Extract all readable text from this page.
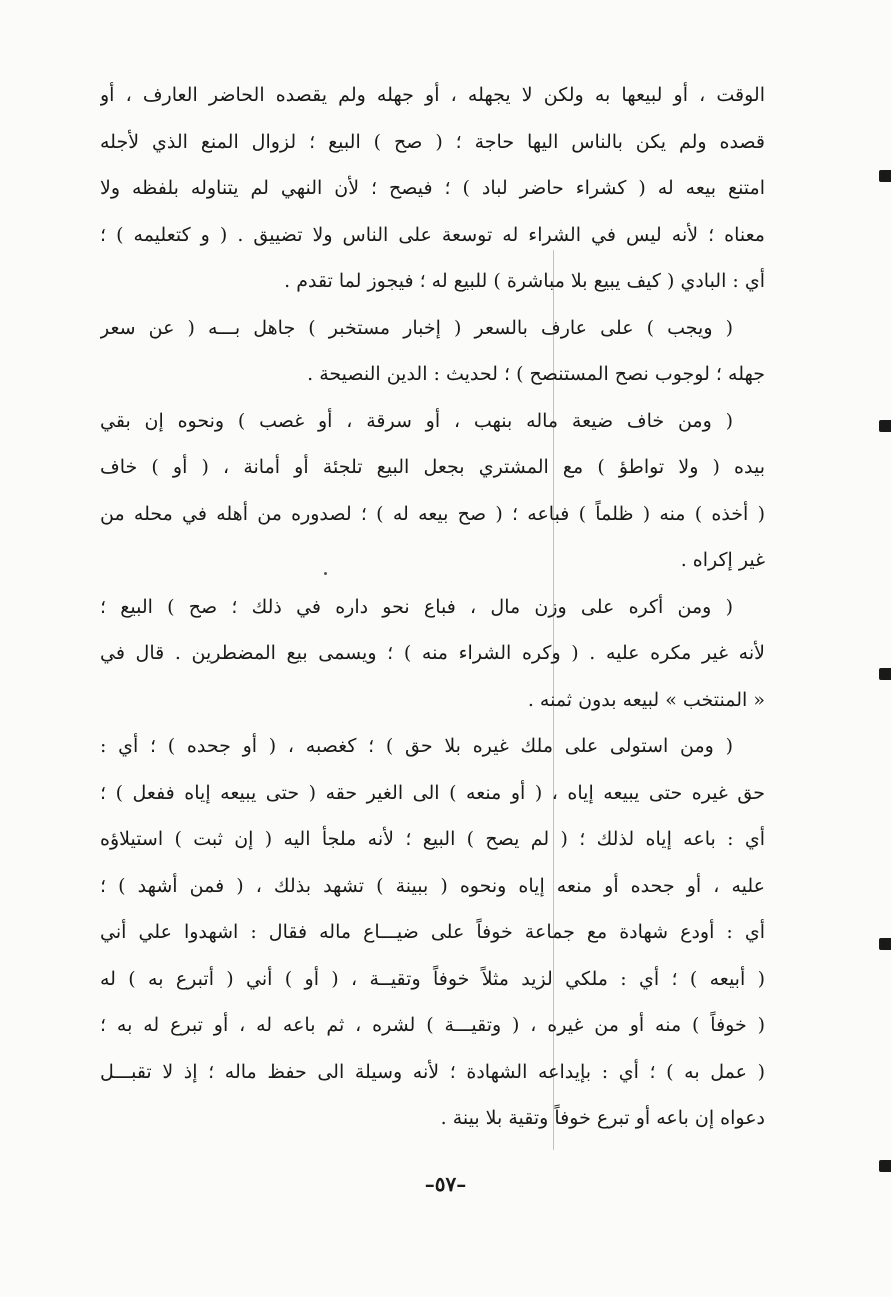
الوقت ، أو لبيعها به ولكن لا يجهله ، أو جهله ولم يقصده الحاضر العارف ، أو
قصده ولم يكن بالناس اليها حاجة ؛ ( صح ) البيع ؛ لزوال المنع الذي لأجله
امتنع بيعه له ( كشراء حاضر لباد ) ؛ فيصح ؛ لأن النهي لم يتناوله بلفظه ولا
معناه ؛ لأنه ليس في الشراء له توسعة على الناس ولا تضييق . ( و كتعليمه ) ؛
أي : البادي ( كيف يبيع بلا مباشرة ) للبيع له ؛ فيجوز لما تقدم .
( ويجب ) على عارف بالسعر ( إخبار مستخبر ) جاهل بـــه ( عن سعر
جهله ؛ لوجوب نصح المستنصح ) ؛ لحديث : الدين النصيحة .
( ومن خاف ضيعة ماله بنهب ، أو سرقة ، أو غصب ) ونحوه إن بقي
بيده ( ولا تواطؤ ) مع المشتري بجعل البيع تلجئة أو أمانة ، ( أو ) خاف
( أخذه ) منه ( ظلماً ) فباعه ؛ ( صح بيعه له ) ؛ لصدوره من أهله في محله من
غير إكراه .
( ومن أكره على وزن مال ، فباع نحو داره في ذلك ؛ صح ) البيع ؛
لأنه غير مكره عليه . ( وكره الشراء منه ) ؛ ويسمى بيع المضطرين . قال في
« المنتخب » لبيعه بدون ثمنه .
( ومن استولى على ملك غيره بلا حق ) ؛ كغصبه ، ( أو جحده ) ؛ أي :
حق غيره حتى يبيعه إياه ، ( أو منعه ) الى الغير حقه ( حتى يبيعه إياه ففعل ) ؛
أي : باعه إياه لذلك ؛ ( لم يصح ) البيع ؛ لأنه ملجأ اليه ( إن ثبت ) استيلاؤه
عليه ، أو جحده أو منعه إياه ونحوه ( ببينة ) تشهد بذلك ، ( فمن أشهد ) ؛
أي : أودع شهادة مع جماعة خوفاً على ضيـــاع ماله فقال : اشهدوا علي أني
( أبيعه ) ؛ أي : ملكي لزيد مثلاً خوفاً وتقيــة ، ( أو ) أني ( أتبرع به ) له
( خوفاً ) منه أو من غيره ، ( وتقيـــة ) لشره ، ثم باعه له ، أو تبرع له به ؛
( عمل به ) ؛ أي : بإيداعه الشهادة ؛ لأنه وسيلة الى حفظ ماله ؛ إذ لا تقبـــل
دعواه إن باعه أو تبرع خوفاً وتقية بلا بينة .
–٥٧–
